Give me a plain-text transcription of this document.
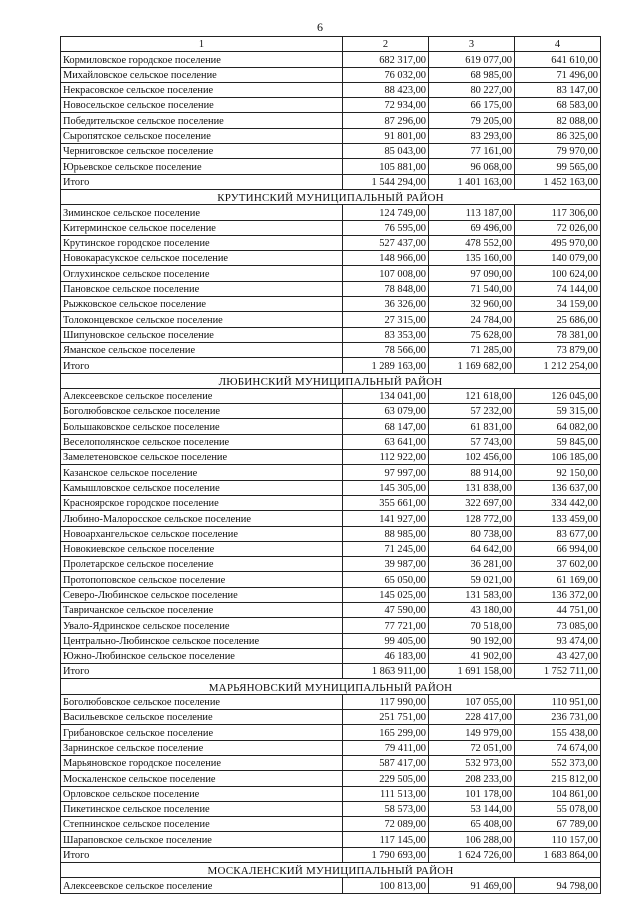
6
1	2	3	4
Кормиловское городское поселение	682 317,00	619 077,00	641 610,00
Михайловское сельское поселение	76 032,00	68 985,00	71 496,00
Некрасовское сельское поселение	88 423,00	80 227,00	83 147,00
Новосельское сельское поселение	72 934,00	66 175,00	68 583,00
Победительское сельское поселение	87 296,00	79 205,00	82 088,00
Сыропятское сельское поселение	91 801,00	83 293,00	86 325,00
Черниговское сельское поселение	85 043,00	77 161,00	79 970,00
Юрьевское сельское поселение	105 881,00	96 068,00	99 565,00
Итого	1 544 294,00	1 401 163,00	1 452 163,00
КРУТИНСКИЙ МУНИЦИПАЛЬНЫЙ РАЙОН			
Зиминское сельское поселение	124 749,00	113 187,00	117 306,00
Китерминское сельское поселение	76 595,00	69 496,00	72 026,00
Крутинское городское поселение	527 437,00	478 552,00	495 970,00
Новокарасукское сельское поселение	148 966,00	135 160,00	140 079,00
Оглухинское сельское поселение	107 008,00	97 090,00	100 624,00
Пановское сельское поселение	78 848,00	71 540,00	74 144,00
Рыжковское сельское поселение	36 326,00	32 960,00	34 159,00
Толоконцевское сельское поселение	27 315,00	24 784,00	25 686,00
Шипуновское сельское поселение	83 353,00	75 628,00	78 381,00
Яманское сельское поселение	78 566,00	71 285,00	73 879,00
Итого	1 289 163,00	1 169 682,00	1 212 254,00
ЛЮБИНСКИЙ МУНИЦИПАЛЬНЫЙ РАЙОН			
Алексеевское сельское поселение	134 041,00	121 618,00	126 045,00
Боголюбовское сельское поселение	63 079,00	57 232,00	59 315,00
Большаковское сельское поселение	68 147,00	61 831,00	64 082,00
Веселополянское сельское поселение	63 641,00	57 743,00	59 845,00
Замелетеновское сельское поселение	112 922,00	102 456,00	106 185,00
Казанское сельское поселение	97 997,00	88 914,00	92 150,00
Камышловское сельское поселение	145 305,00	131 838,00	136 637,00
Красноярское городское поселение	355 661,00	322 697,00	334 442,00
Любино-Малоросское сельское поселение	141 927,00	128 772,00	133 459,00
Новоархангельское сельское поселение	88 985,00	80 738,00	83 677,00
Новокиевское сельское поселение	71 245,00	64 642,00	66 994,00
Пролетарское сельское поселение	39 987,00	36 281,00	37 602,00
Протопоповское сельское поселение	65 050,00	59 021,00	61 169,00
Северо-Любинское сельское поселение	145 025,00	131 583,00	136 372,00
Тавричанское сельское поселение	47 590,00	43 180,00	44 751,00
Увало-Ядринское сельское поселение	77 721,00	70 518,00	73 085,00
Центрально-Любинское сельское поселение	99 405,00	90 192,00	93 474,00
Южно-Любинское сельское поселение	46 183,00	41 902,00	43 427,00
Итого	1 863 911,00	1 691 158,00	1 752 711,00
МАРЬЯНОВСКИЙ МУНИЦИПАЛЬНЫЙ РАЙОН			
Боголюбовское сельское поселение	117 990,00	107 055,00	110 951,00
Васильевское сельское поселение	251 751,00	228 417,00	236 731,00
Грибановское сельское поселение	165 299,00	149 979,00	155 438,00
Зарнинское сельское поселение	79 411,00	72 051,00	74 674,00
Марьяновское городское поселение	587 417,00	532 973,00	552 373,00
Москаленское сельское поселение	229 505,00	208 233,00	215 812,00
Орловское сельское поселение	111 513,00	101 178,00	104 861,00
Пикетинское сельское поселение	58 573,00	53 144,00	55 078,00
Степнинское сельское поселение	72 089,00	65 408,00	67 789,00
Шараповское сельское поселение	117 145,00	106 288,00	110 157,00
Итого	1 790 693,00	1 624 726,00	1 683 864,00
МОСКАЛЕНСКИЙ МУНИЦИПАЛЬНЫЙ РАЙОН			
Алексеевское сельское поселение	100 813,00	91 469,00	94 798,00
